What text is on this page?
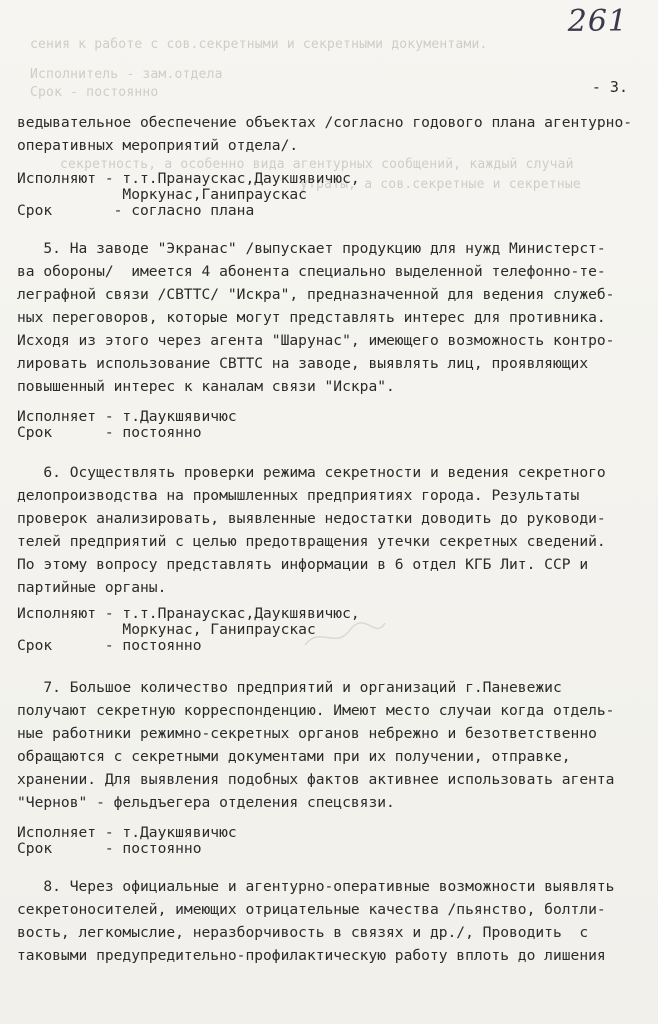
сения к работе с сов.секретными и секретными документами.
Исполнитель - зам.отдела
Срок - постоянно
секретность, а особенно вида агентурных сообщений, каждый случай
утраты, а сов.секретные и секретные
261
- 3.
ведывательное обеспечение объектах /согласно годового плана агентурно-
оперативных мероприятий отдела/.
Исполняют - т.т.Пранаускас,Даукшявичюс,
Моркунас,Ганипраускас
Срок       - согласно плана
5. На заводе "Экранас" /выпускает продукцию для нужд Министерст-
ва обороны/  имеется 4 абонента специально выделенной телефонно-те-
леграфной связи /СВТТС/ "Искра", предназначенной для ведения служеб-
ных переговоров, которые могут представлять интерес для противника.
Исходя из этого через агента "Шарунас", имеющего возможность контро-
лировать использование СВТТС на заводе, выявлять лиц, проявляющих
повышенный интерес к каналам связи "Искра".
Исполняет - т.Даукшявичюс
Срок      - постоянно
6. Осуществлять проверки режима секретности и ведения секретного
делопроизводства на промышленных предприятиях города. Результаты
проверок анализировать, выявленные недостатки доводить до руководи-
телей предприятий с целью предотвращения утечки секретных сведений.
По этому вопросу представлять информации в 6 отдел КГБ Лит. ССР и
партийные органы.
Исполняют - т.т.Пранаускас,Даукшявичюс,
Моркунас, Ганипраускас
Срок      - постоянно
7. Большое количество предприятий и организаций г.Паневежис
получают секретную корреспонденцию. Имеют место случаи когда отдель-
ные работники режимно-секретных органов небрежно и безответственно
обращаются с секретными документами при их получении, отправке,
хранении. Для выявления подобных фактов активнее использовать агента
"Чернов" - фельдъегера отделения спецсвязи.
Исполняет - т.Даукшявичюс
Срок      - постоянно
8. Через официальные и агентурно-оперативные возможности выявлять
секретоносителей, имеющих отрицательные качества /пьянство, болтли-
вость, легкомыслие, неразборчивость в связях и др./, Проводить  с
таковыми предупредительно-профилактическую работу вплоть до лишения
